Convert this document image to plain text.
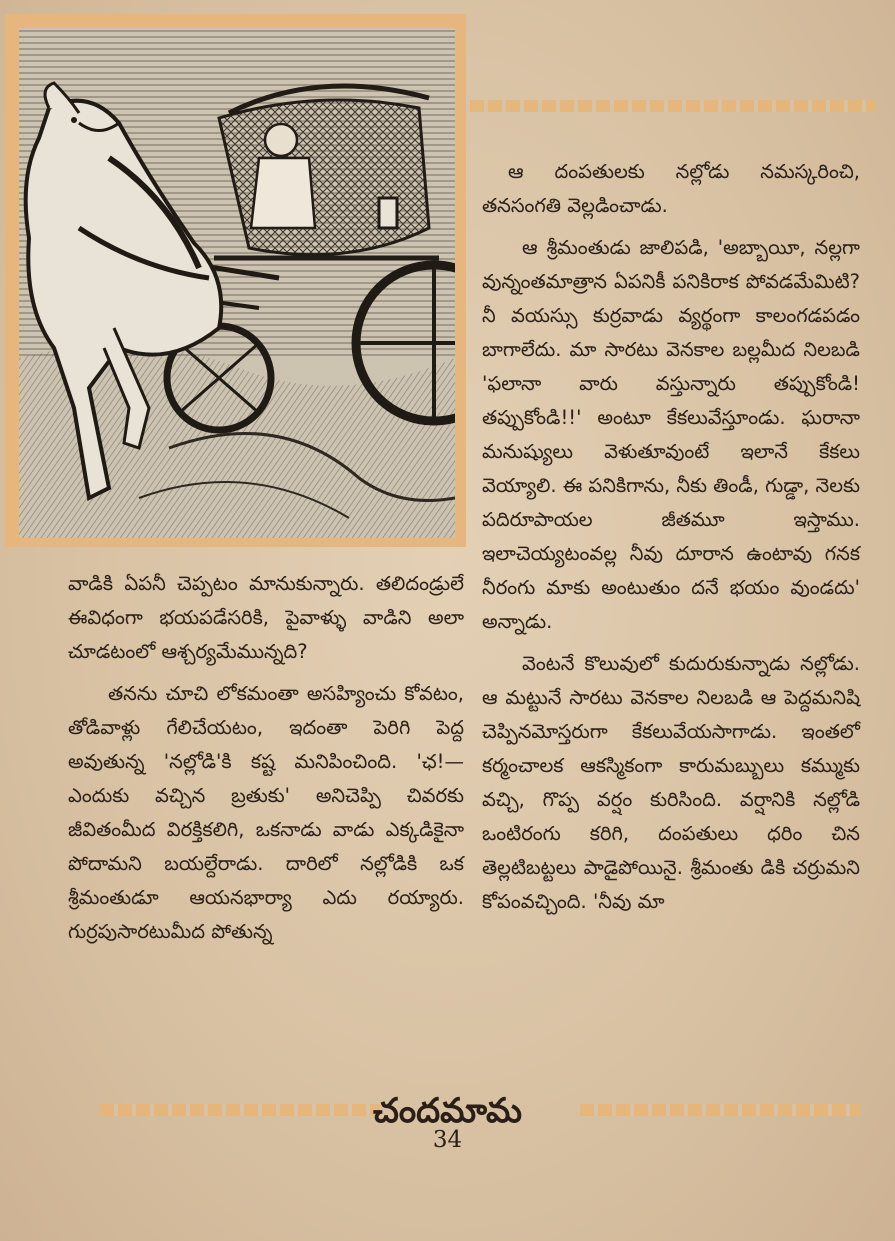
ఆ దంపతులకు నల్లోడు నమస్కరించి, తనసంగతి వెల్లడించాడు.

ఆ శ్రీమంతుడు జాలిపడి, 'అబ్బాయీ, నల్లగా వున్నంతమాత్రాన ఏపనికీ పనికిరాక పోవడమేమిటి? నీ వయస్సు కుర్రవాడు వ్యర్థంగా కాలంగడపడం బాగాలేదు. మా సారటు వెనకాల బల్లమీద నిలబడి 'ఫలానా వారు వస్తున్నారు తప్పుకోండి! తప్పుకోండి!!' అంటూ కేకలువేస్తూండు. ఘరానా మనుష్యులు వెళుతూవుంటే ఇలానే కేకలు వెయ్యాలి. ఈ పనికిగాను, నీకు తిండీ, గుడ్డా, నెలకు పదిరూపాయల జీతమూ ఇస్తాము. ఇలాచెయ్యటంవల్ల నీవు దూరాన ఉంటావు గనక నీరంగు మాకు అంటుతుం దనే భయం వుండదు' అన్నాడు.

వెంటనే కొలువులో కుదురుకున్నాడు నల్లోడు. ఆ మట్టునే సారటు వెనకాల నిలబడి ఆ పెద్దమనిషి చెప్పినమోస్తరుగా కేకలువేయసాగాడు. ఇంతలో కర్మంచాలక ఆకస్మికంగా కారుమబ్బులు కమ్ముకు వచ్చి, గొప్ప వర్షం కురిసింది. వర్షానికి నల్లోడి ఒంటిరంగు కరిగి, దంపతులు ధరిం చిన తెల్లటిబట్టలు పాడైపోయినై. శ్రీమంతు డికి చర్రుమని కోపంవచ్చింది. 'నీవు మా

వాడికి ఏపనీ చెప్పటం మానుకున్నారు. తలిదండ్రులే ఈవిధంగా భయపడేసరికి, పైవాళ్ళు వాడిని అలా చూడటంలో ఆశ్చర్యమేమున్నది?

తనను చూచి లోకమంతా అసహ్యించు కోవటం, తోడివాళ్లు గేలిచేయటం, ఇదంతా పెరిగి పెద్ద అవుతున్న 'నల్లోడి'కి కష్ట మనిపించింది. 'ఛ!—ఎందుకు వచ్చిన బ్రతుకు' అనిచెప్పి చివరకు జీవితంమీద విరక్తికలిగి, ఒకనాడు వాడు ఎక్కడికైనా పోదామని బయల్దేరాడు. దారిలో నల్లోడికి ఒక శ్రీమంతుడూ ఆయనభార్యా ఎదు రయ్యారు. గుర్రపుసారటుమీద పోతున్న

చందమామ
34
